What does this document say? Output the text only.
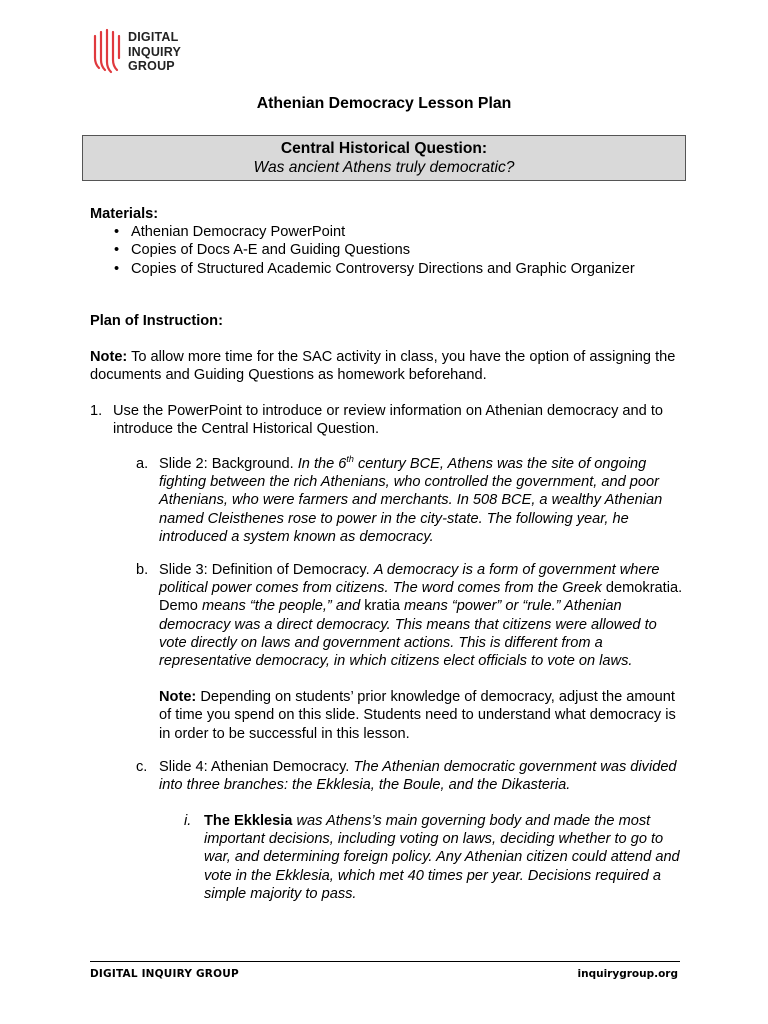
DIGITAL
INQUIRY
GROUP
Athenian Democracy Lesson Plan
Central Historical Question:
Was ancient Athens truly democratic?
Materials:
• Athenian Democracy PowerPoint
• Copies of Docs A-E and Guiding Questions
• Copies of Structured Academic Controversy Directions and Graphic Organizer
Plan of Instruction:
Note: To allow more time for the SAC activity in class, you have the option of assigning the documents and Guiding Questions as homework beforehand.
1. Use the PowerPoint to introduce or review information on Athenian democracy and to introduce the Central Historical Question.
a. Slide 2: Background. In the 6th century BCE, Athens was the site of ongoing fighting between the rich Athenians, who controlled the government, and poor Athenians, who were farmers and merchants. In 508 BCE, a wealthy Athenian named Cleisthenes rose to power in the city-state. The following year, he introduced a system known as democracy.
b. Slide 3: Definition of Democracy. A democracy is a form of government where political power comes from citizens. The word comes from the Greek demokratia. Demo means “the people,” and kratia means “power” or “rule.” Athenian democracy was a direct democracy. This means that citizens were allowed to vote directly on laws and government actions. This is different from a representative democracy, in which citizens elect officials to vote on laws.
Note: Depending on students’ prior knowledge of democracy, adjust the amount of time you spend on this slide. Students need to understand what democracy is in order to be successful in this lesson.
c. Slide 4: Athenian Democracy. The Athenian democratic government was divided into three branches: the Ekklesia, the Boule, and the Dikasteria.
i. The Ekklesia was Athens’s main governing body and made the most important decisions, including voting on laws, deciding whether to go to war, and determining foreign policy. Any Athenian citizen could attend and vote in the Ekklesia, which met 40 times per year. Decisions required a simple majority to pass.
DIGITAL INQUIRY GROUP	inquirygroup.org
